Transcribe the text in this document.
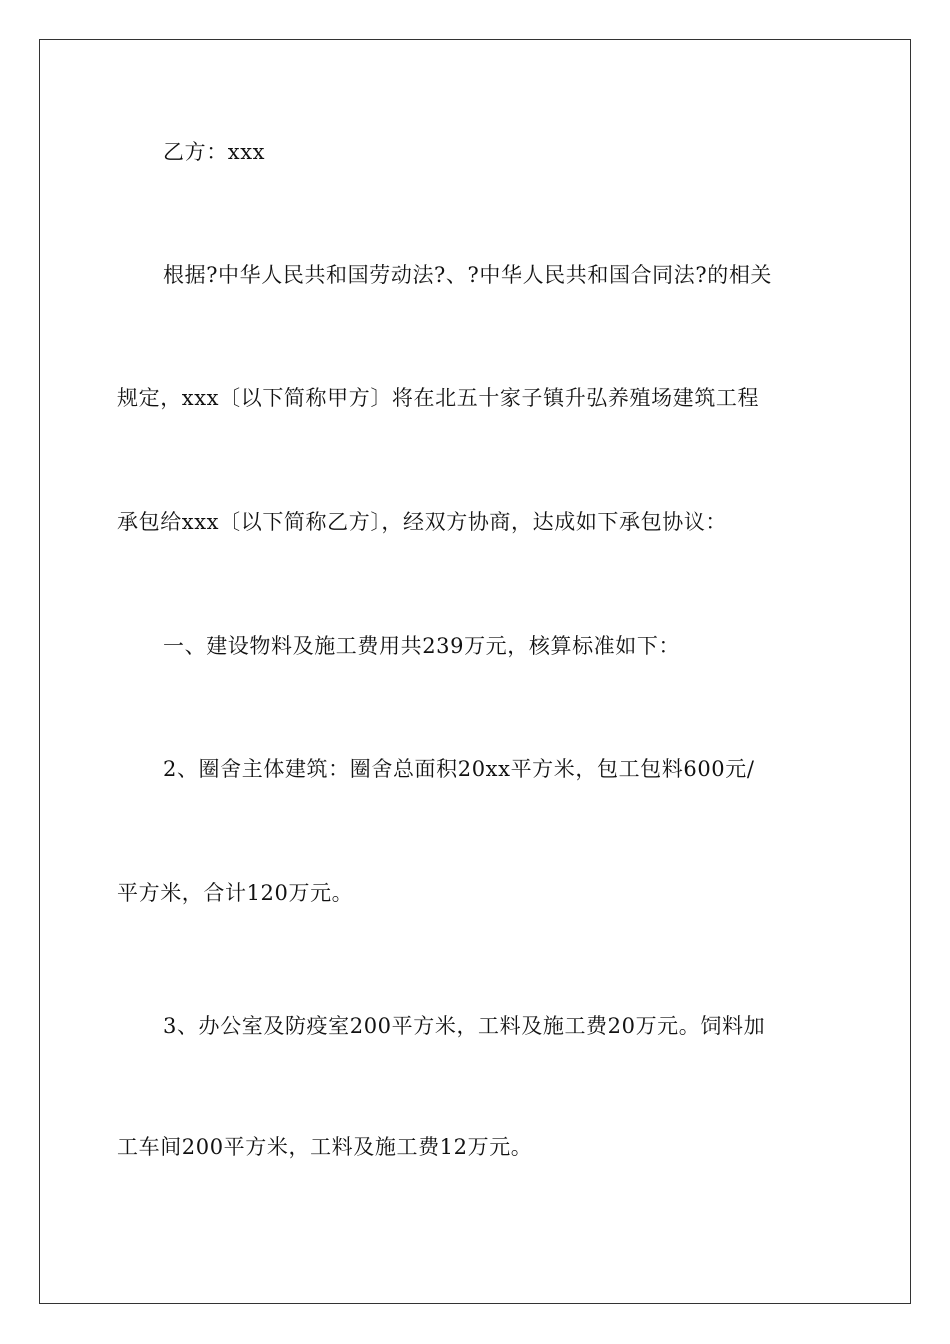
乙方：xxx
根据?中华人民共和国劳动法?、?中华人民共和国合同法?的相关
规定，xxx〔以下简称甲方〕将在北五十家子镇升弘养殖场建筑工程
承包给xxx〔以下简称乙方〕，经双方协商，达成如下承包协议：
一、建设物料及施工费用共239万元，核算标准如下：
2、圈舍主体建筑：圈舍总面积20xx平方米，包工包料600元/
平方米，合计120万元。
3、办公室及防疫室200平方米，工料及施工费20万元。饲料加
工车间200平方米，工料及施工费12万元。
